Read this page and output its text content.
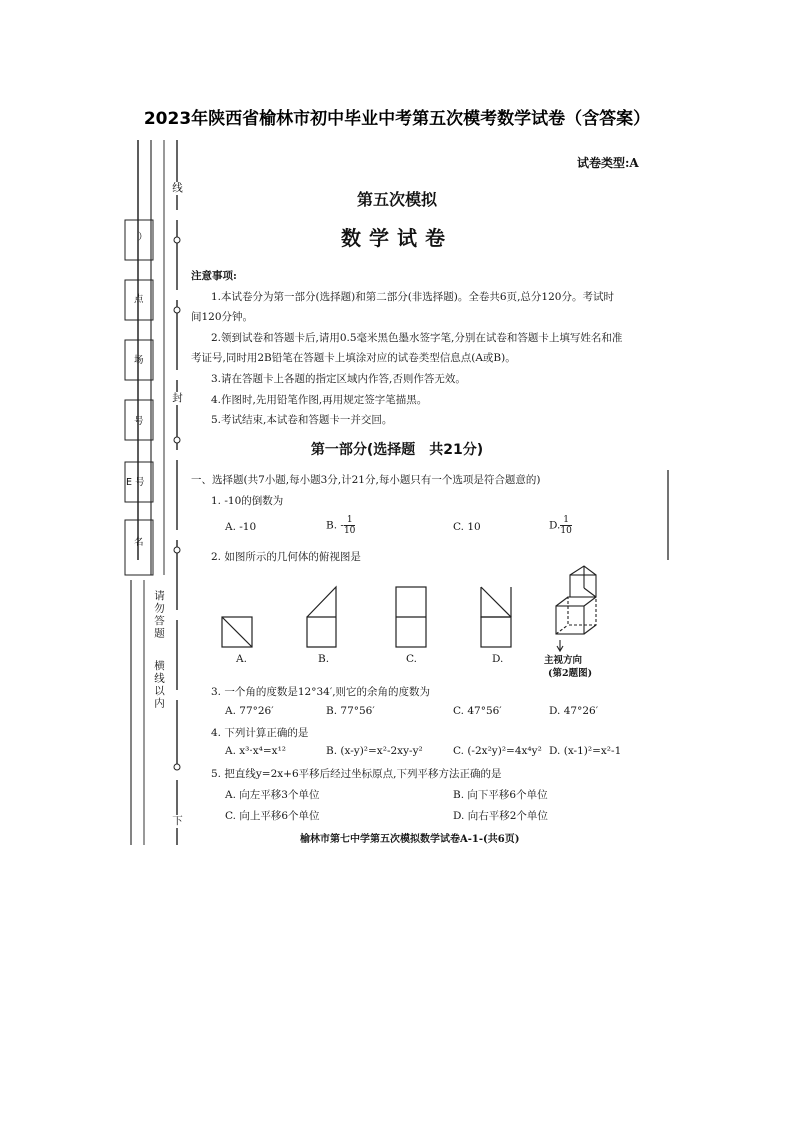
2023年陕西省榆林市初中毕业中考第五次模考数学试卷（含答案）
）
点
场
号
E 号
名
线
封
下
请勿答题
横线以内
试卷类型:A
第五次模拟
数学试卷
注意事项:
1.本试卷分为第一部分(选择题)和第二部分(非选择题)。全卷共6页,总分120分。考试时
间120分钟。
2.领到试卷和答题卡后,请用0.5毫米黑色墨水签字笔,分别在试卷和答题卡上填写姓名和准
考证号,同时用2B铅笔在答题卡上填涂对应的试卷类型信息点(A或B)。
3.请在答题卡上各题的指定区域内作答,否则作答无效。
4.作图时,先用铅笔作图,再用规定签字笔描黑。
5.考试结束,本试卷和答题卡一并交回。
第一部分(选择题　共21分)
一、选择题(共7小题,每小题3分,计21分,每小题只有一个选项是符合题意的)
1. -10的倒数为
A. -10	B. - $\frac{1}{10}$	C. 10	D. $\frac{1}{10}$
2. 如图所示的几何体的俯视图是
A.	B.	C.	D.	主视方向
(第2题图)
3. 一个角的度数是12°34′,则它的余角的度数为
A. 77°26′	B. 77°56′	C. 47°56′	D. 47°26′
4. 下列计算正确的是
A. x³·x⁴=x¹²	B. (x-y)²=x²-2xy-y²	C. (-2x²y)²=4x⁴y² D. (x-1)²=x²-1
5. 把直线y=2x+6平移后经过坐标原点,下列平移方法正确的是
A. 向左平移3个单位	B. 向下平移6个单位
C. 向上平移6个单位	D. 向右平移2个单位
榆林市第七中学第五次模拟数学试卷A-1-(共6页)
